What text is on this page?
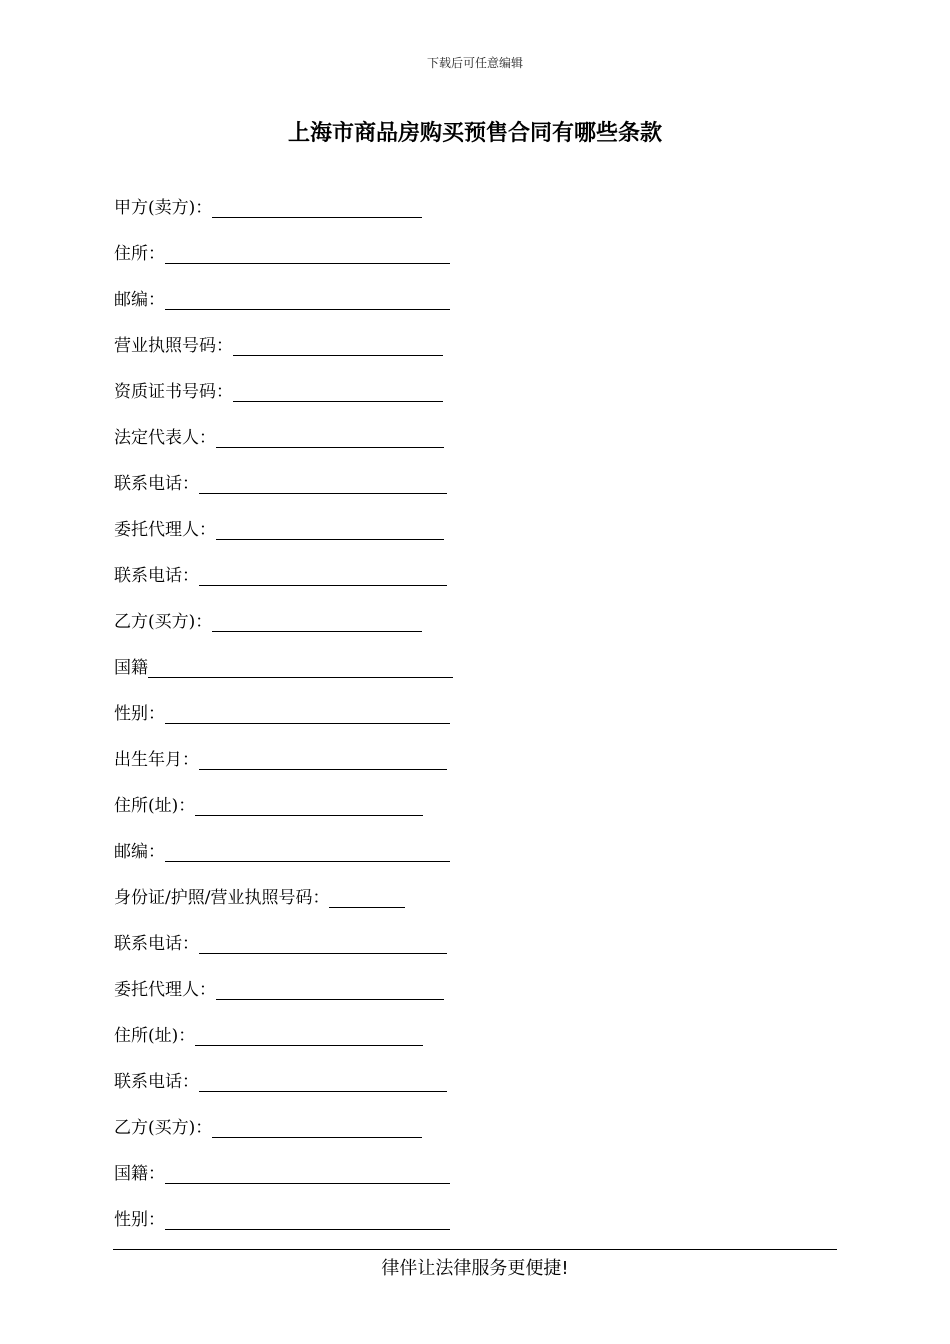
下载后可任意编辑
上海市商品房购买预售合同有哪些条款
甲方(卖方)：
住所：
邮编：
营业执照号码：
资质证书号码：
法定代表人：
联系电话：
委托代理人：
联系电话：
乙方(买方)：
国籍
性别：
出生年月：
住所(址)：
邮编：
身份证/护照/营业执照号码：
联系电话：
委托代理人：
住所(址)：
联系电话：
乙方(买方)：
国籍：
性别：
律伴让法律服务更便捷!
